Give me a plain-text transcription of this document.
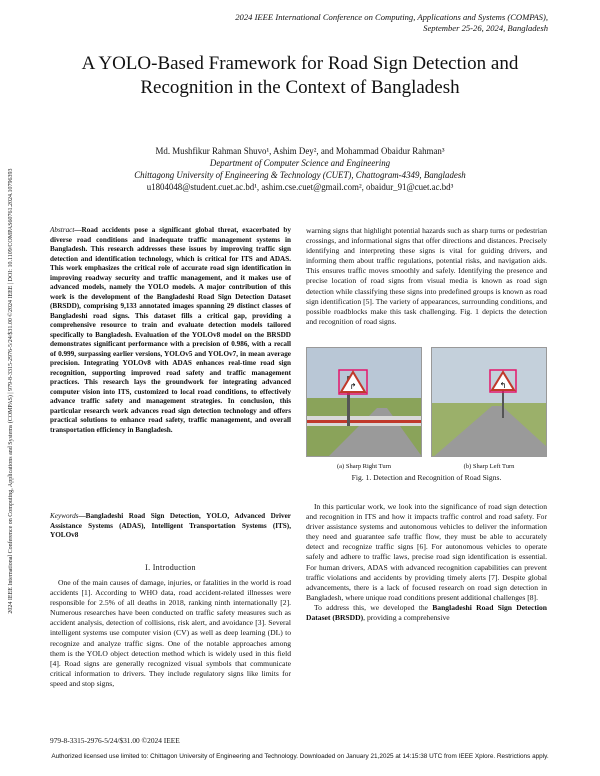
2024 IEEE International Conference on Computing, Applications and Systems (COMPAS),
September 25-26, 2024, Bangladesh
2024 IEEE International Conference on Computing, Applications and Systems (COMPAS) | 979-8-3315-2976-5/24/$31.00 ©2024 IEEE | DOI: 10.1109/COMPAS60761.2024.10796393
A YOLO-Based Framework for Road Sign Detection and Recognition in the Context of Bangladesh
Md. Mushfikur Rahman Shuvo¹, Ashim Dey², and Mohammad Obaidur Rahman³
Department of Computer Science and Engineering
Chittagong University of Engineering & Technology (CUET), Chattogram-4349, Bangladesh
u1804048@student.cuet.ac.bd¹, ashim.cse.cuet@gmail.com², obaidur_91@cuet.ac.bd³
Abstract—Road accidents pose a significant global threat, exacerbated by diverse road conditions and inadequate traffic management systems in Bangladesh. This research addresses these issues by improving traffic sign detection and identification technology, which is critical for ITS and ADAS. This work emphasizes the critical role of accurate road sign identification in improving roadway security and traffic management, and it makes use of advanced models, namely the YOLO models. A major contribution of this work is the development of the Bangladeshi Road Sign Detection Dataset (BRSDD), comprising 9,133 annotated images spanning 29 distinct classes of Bangladeshi road signs. This dataset fills a critical gap, providing a comprehensive resource to train and evaluate detection models tailored specifically to Bangladesh. Evaluation of the YOLOv8 model on the BRSDD demonstrates significant performance with a precision of 0.986, with a recall of 0.999, surpassing earlier versions, YOLOv5 and YOLOv7, in mean average precision. Integrating YOLOv8 with ADAS enhances real-time road sign recognition, supporting improved road safety and traffic management practices. This research lays the groundwork for integrating advanced computer vision into ITS, customized to local road conditions, to effectively advance traffic safety and management strategies. In conclusion, this particular research work advances road sign detection technology and offers practical solutions to enhance road safety, traffic management, and overall transportation efficiency in Bangladesh.
Keywords—Bangladeshi Road Sign Detection, YOLO, Advanced Driver Assistance Systems (ADAS), Intelligent Transportation Systems (ITS), YOLOv8
I. Introduction

One of the main causes of damage, injuries, or fatalities in the world is road accidents [1]. According to WHO data, road accident-related illnesses were responsible for 2.5% of all deaths in 2018, ranking ninth internationally [2]. Numerous researches have been conducted on traffic safety measures such as accident analysis, detection of collisions, risk alert, and avoidance [3]. Several intelligent systems use computer vision (CV) as well as deep learning (DL) to recognize and analyze traffic signs. One of the notable approaches among them is the YOLO object detection method which is widely used in this field [4]. Road signs are generally recognized visual symbols that communicate critical information to drivers. They include regulatory signs like limits for speed and stop signs,

warning signs that highlight potential hazards such as sharp turns or pedestrian crossings, and informational signs that offer directions and distances. Precisely identifying and interpreting these signs is vital for guiding drivers, and informing them about traffic regulations, potential risks, and navigation aids. This ensures traffic moves smoothly and safely. Identifying the presence and precise location of road signs from visual media is known as road sign detection while classifying these signs into predefined groups is known as road sign identification [5]. The variety of appearances, surrounding conditions, and possible roadblocks make this task challenging. Fig. 1 depicts the detection and recognition of road signs.

↱	↰
(a) Sharp Right Turn	(b) Sharp Left Turn
Fig. 1. Detection and Recognition of Road Signs.

In this particular work, we look into the significance of road sign detection and recognition in ITS and how it impacts traffic control and road safety. For driver assistance systems and autonomous vehicles to deliver the information they need and guarantee safe traffic flow, they must be able to accurately detect and recognize traffic signs [6]. For autonomous vehicles to operate safely and adhere to traffic laws, precise road sign identification is essential. For human drivers, ADAS with advanced recognition capabilities can prevent traffic violations and accidents by providing timely alerts [7]. Despite global advancements, there is a lack of focused research on road sign detection in Bangladesh, where unique road conditions present additional challenges [8].

To address this, we developed the Bangladeshi Road Sign Detection Dataset (BRSDD), providing a comprehensive

979-8-3315-2976-5/24/$31.00 ©2024 IEEE
Authorized licensed use limited to: Chittagon University of Engineering and Technology. Downloaded on January 21,2025 at 14:15:38 UTC from IEEE Xplore. Restrictions apply.
